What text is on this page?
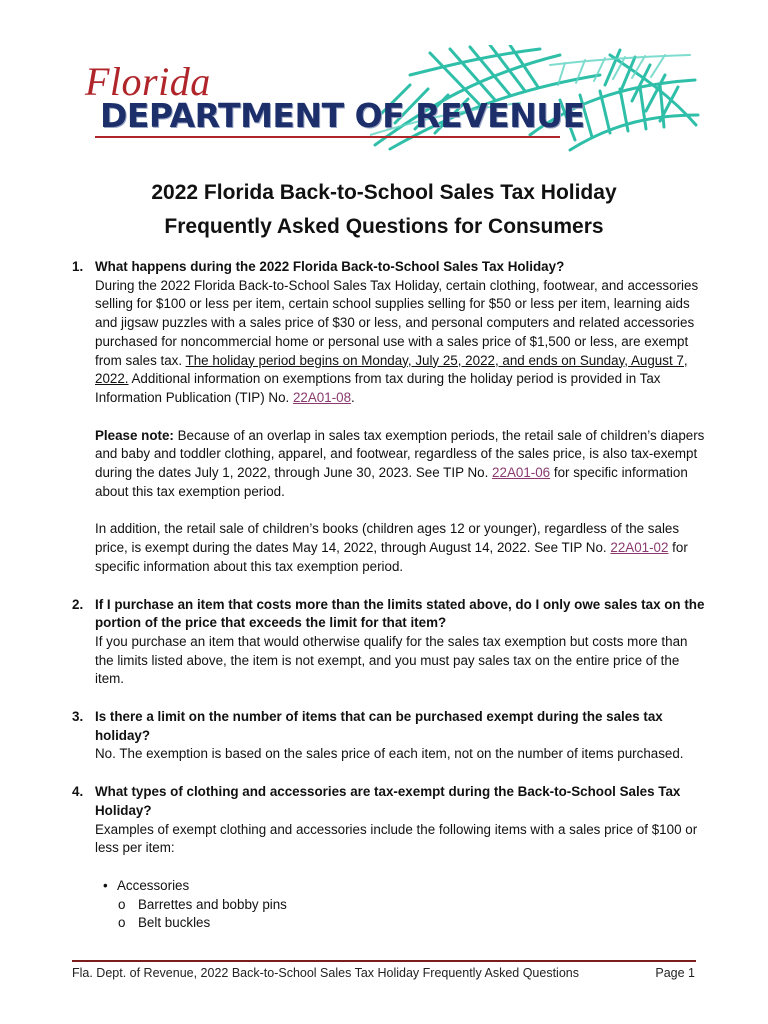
Florida
DEPARTMENT OF REVENUE
2022 Florida Back-to-School Sales Tax Holiday
Frequently Asked Questions for Consumers
1. What happens during the 2022 Florida Back-to-School Sales Tax Holiday?
During the 2022 Florida Back-to-School Sales Tax Holiday, certain clothing, footwear, and accessories selling for $100 or less per item, certain school supplies selling for $50 or less per item, learning aids and jigsaw puzzles with a sales price of $30 or less, and personal computers and related accessories purchased for noncommercial home or personal use with a sales price of $1,500 or less, are exempt from sales tax. The holiday period begins on Monday, July 25, 2022, and ends on Sunday, August 7, 2022. Additional information on exemptions from tax during the holiday period is provided in Tax Information Publication (TIP) No. 22A01-08.
Please note: Because of an overlap in sales tax exemption periods, the retail sale of children’s diapers and baby and toddler clothing, apparel, and footwear, regardless of the sales price, is also tax-exempt during the dates July 1, 2022, through June 30, 2023. See TIP No. 22A01-06 for specific information about this tax exemption period.
In addition, the retail sale of children’s books (children ages 12 or younger), regardless of the sales price, is exempt during the dates May 14, 2022, through August 14, 2022. See TIP No. 22A01-02 for specific information about this tax exemption period.
2. If I purchase an item that costs more than the limits stated above, do I only owe sales tax on the portion of the price that exceeds the limit for that item?
If you purchase an item that would otherwise qualify for the sales tax exemption but costs more than the limits listed above, the item is not exempt, and you must pay sales tax on the entire price of the item.
3. Is there a limit on the number of items that can be purchased exempt during the sales tax holiday?
No. The exemption is based on the sales price of each item, not on the number of items purchased.
4. What types of clothing and accessories are tax-exempt during the Back-to-School Sales Tax Holiday?
Examples of exempt clothing and accessories include the following items with a sales price of $100 or less per item:
• Accessories
o Barrettes and bobby pins
o Belt buckles
Fla. Dept. of Revenue, 2022 Back-to-School Sales Tax Holiday Frequently Asked Questions	Page 1
